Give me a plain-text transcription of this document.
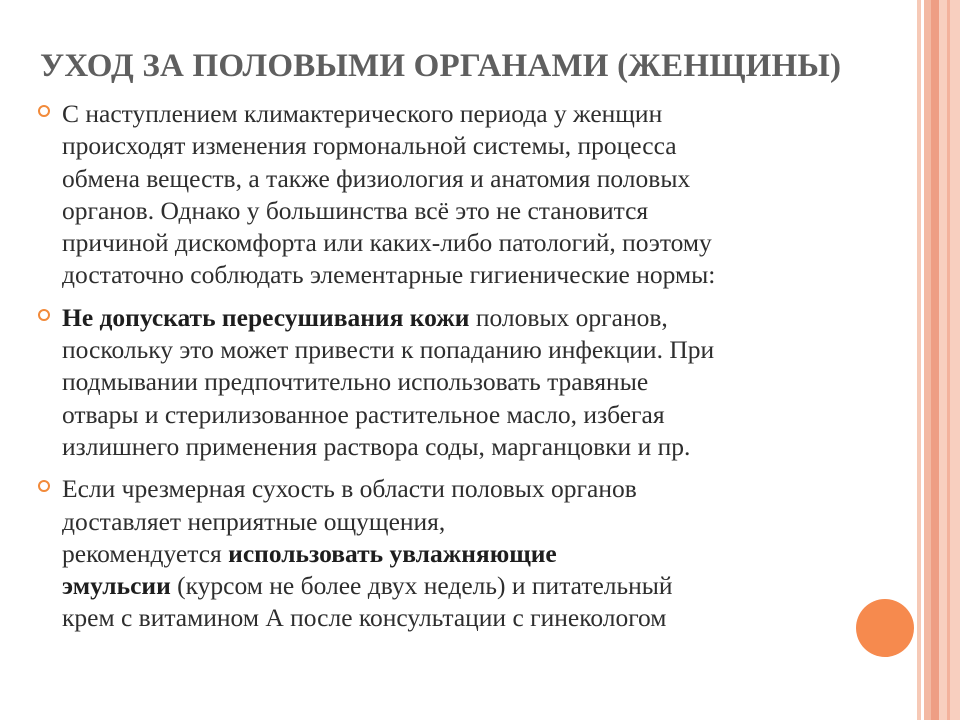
УХОД ЗА ПОЛОВЫМИ ОРГАНАМИ (ЖЕНЩИНЫ)
С наступлением климактерического периода у женщин
происходят изменения гормональной системы, процесса
обмена веществ, а также физиология и анатомия половых
органов. Однако у большинства всё это не становится
причиной дискомфорта или каких-либо патологий, поэтому
достаточно соблюдать элементарные гигиенические нормы:
Не допускать пересушивания кожи половых органов,
поскольку это может привести к попаданию инфекции. При
подмывании предпочтительно использовать травяные
отвары и стерилизованное растительное масло, избегая
излишнего применения раствора соды, марганцовки и пр.
Если чрезмерная сухость в области половых органов
доставляет неприятные ощущения,
рекомендуется использовать увлажняющие
эмульсии (курсом не более двух недель) и питательный
крем с витамином А после консультации с гинекологом
